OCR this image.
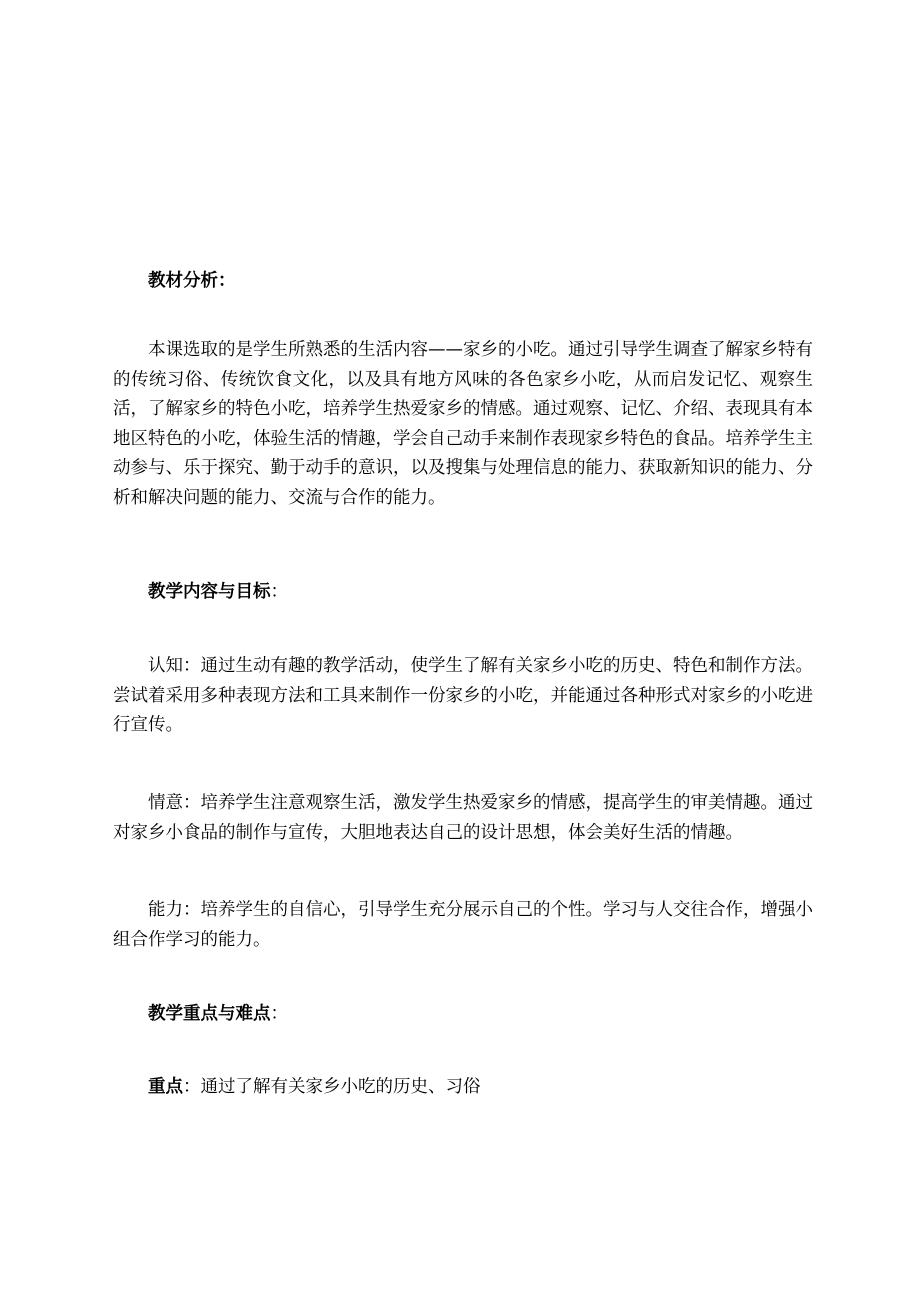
教材分析：
本课选取的是学生所熟悉的生活内容——家乡的小吃。通过引导学生调查了解家乡特有的传统习俗、传统饮食文化，以及具有地方风味的各色家乡小吃，从而启发记忆、观察生活，了解家乡的特色小吃，培养学生热爱家乡的情感。通过观察、记忆、介绍、表现具有本地区特色的小吃，体验生活的情趣，学会自己动手来制作表现家乡特色的食品。培养学生主动参与、乐于探究、勤于动手的意识，以及搜集与处理信息的能力、获取新知识的能力、分析和解决问题的能力、交流与合作的能力。
教学内容与目标：
认知：通过生动有趣的教学活动，使学生了解有关家乡小吃的历史、特色和制作方法。尝试着采用多种表现方法和工具来制作一份家乡的小吃，并能通过各种形式对家乡的小吃进行宣传。
情意：培养学生注意观察生活，激发学生热爱家乡的情感，提高学生的审美情趣。通过对家乡小食品的制作与宣传，大胆地表达自己的设计思想，体会美好生活的情趣。
能力：培养学生的自信心，引导学生充分展示自己的个性。学习与人交往合作，增强小组合作学习的能力。
教学重点与难点：
重点：通过了解有关家乡小吃的历史、习俗
